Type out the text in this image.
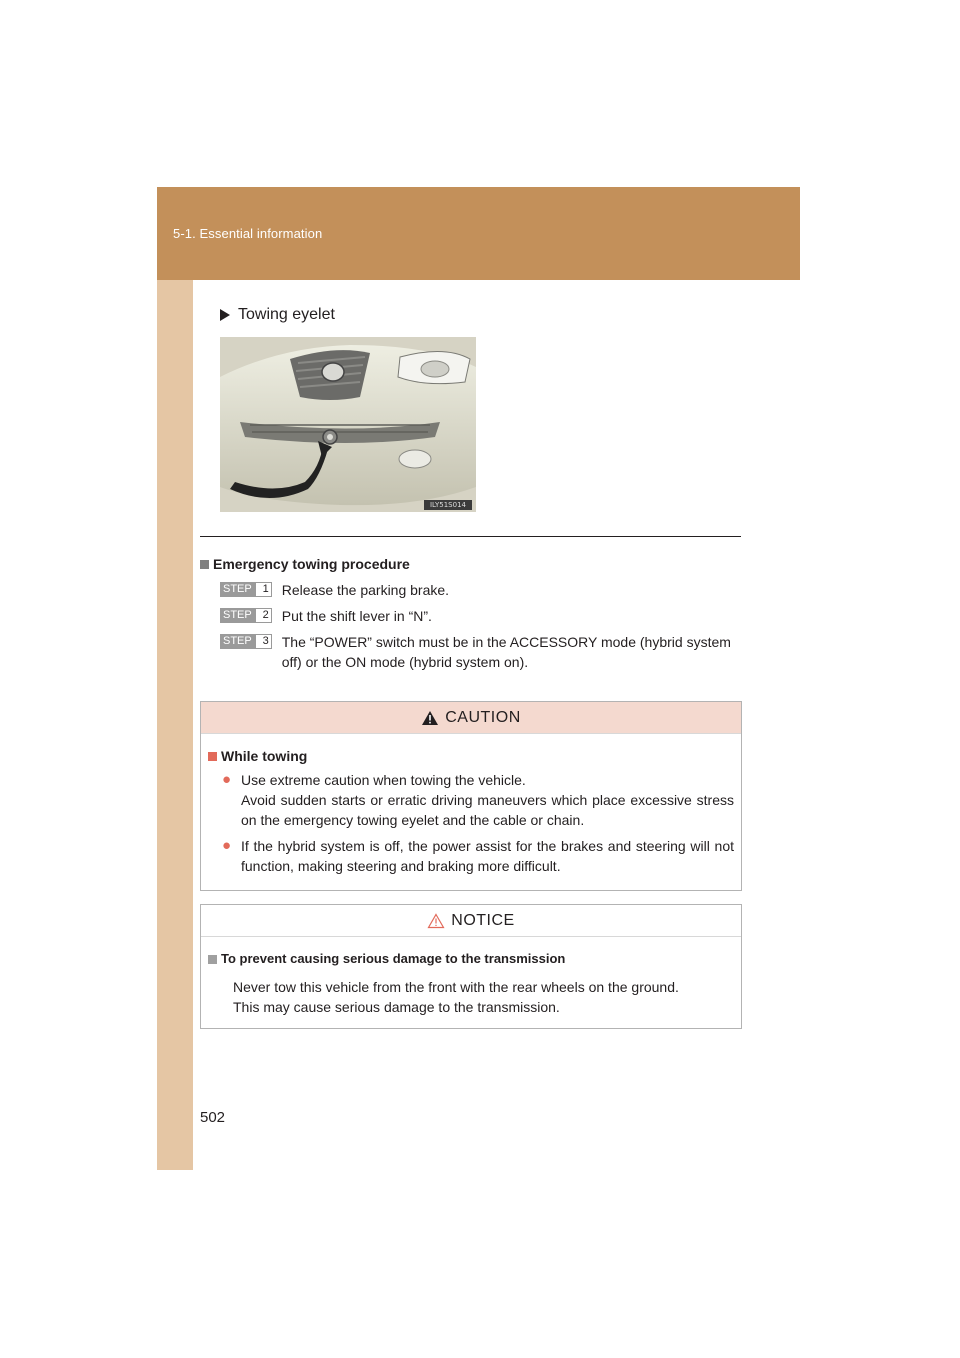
5-1. Essential information
Towing eyelet
ILY51S014
Emergency towing procedure
STEP 1 Release the parking brake.
STEP 2 Put the shift lever in “N”.
STEP 3 The “POWER” switch must be in the ACCESSORY mode (hybrid system off) or the ON mode (hybrid system on).
CAUTION
While towing
● Use extreme caution when towing the vehicle.
Avoid sudden starts or erratic driving maneuvers which place excessive stress on the emergency towing eyelet and the cable or chain.
● If the hybrid system is off, the power assist for the brakes and steering will not function, making steering and braking more difficult.
NOTICE
To prevent causing serious damage to the transmission
Never tow this vehicle from the front with the rear wheels on the ground.
This may cause serious damage to the transmission.
502
